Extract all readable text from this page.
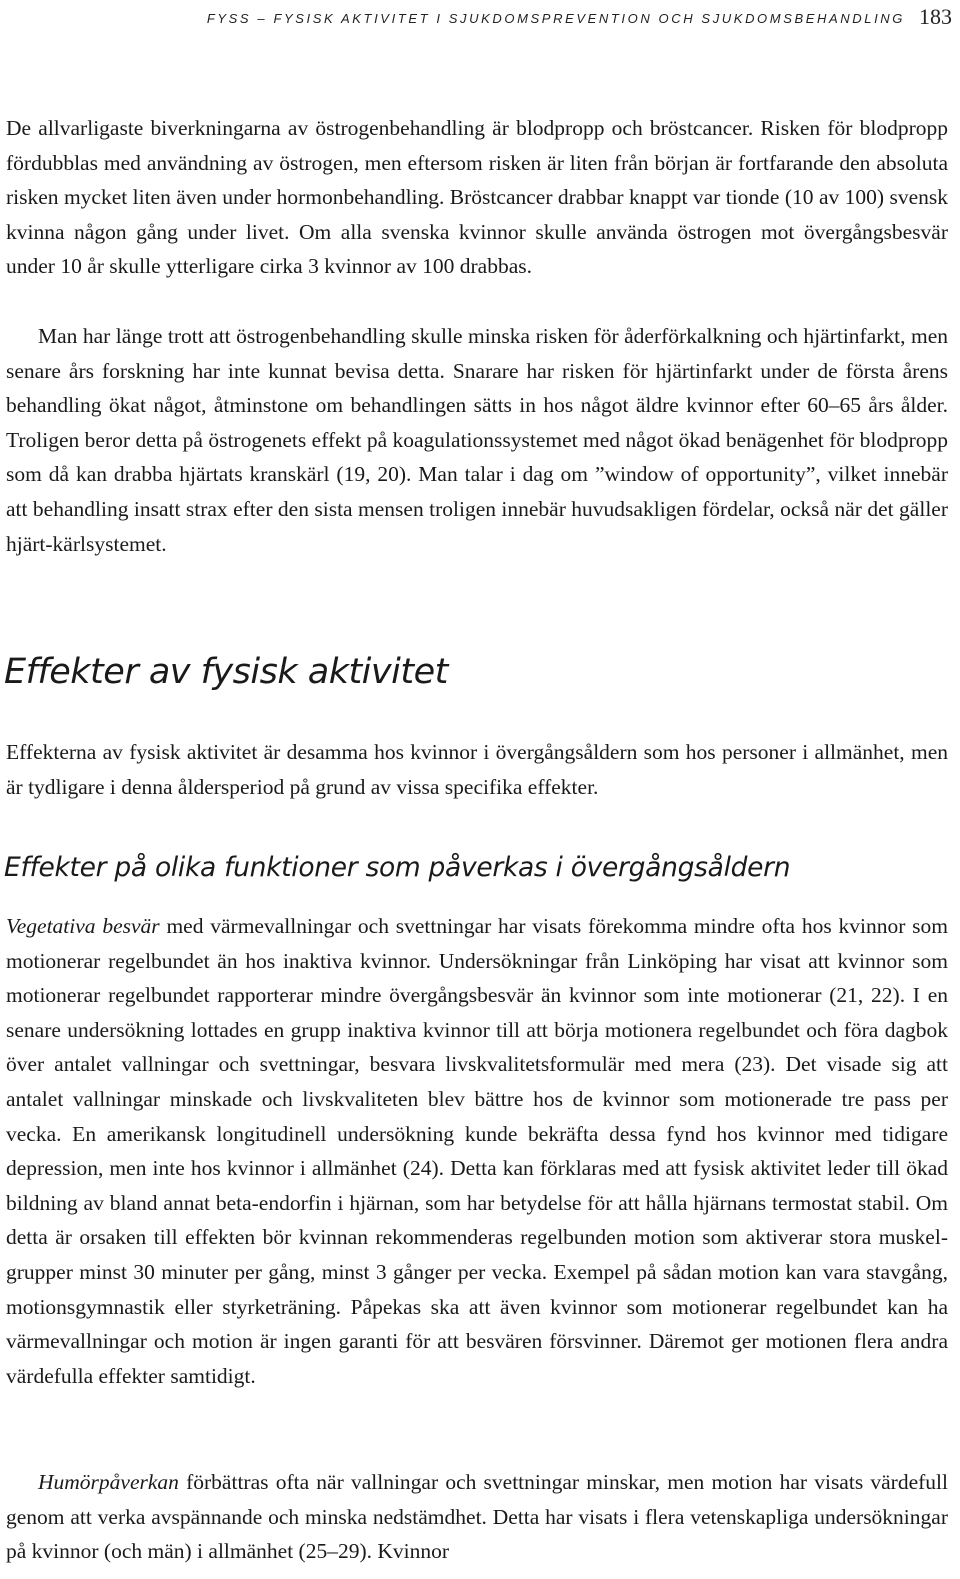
FYSS – FYSISK AKTIVITET I SJUKDOMSPREVENTION OCH SJUKDOMSBEHANDLING 183

De allvarligaste biverkningarna av östrogenbehandling är blodpropp och bröstcancer. Risken för blodpropp fördubblas med användning av östrogen, men eftersom risken är liten från början är fortfarande den absoluta risken mycket liten även under hormonbehandling. Bröstcancer drabbar knappt var tionde (10 av 100) svensk kvinna någon gång under livet. Om alla svenska kvinnor skulle använda östrogen mot övergångsbesvär under 10 år skulle ytterligare cirka 3 kvinnor av 100 drabbas.

Man har länge trott att östrogenbehandling skulle minska risken för åderförkalkning och hjärtinfarkt, men senare års forskning har inte kunnat bevisa detta. Snarare har risken för hjärtinfarkt under de första årens behandling ökat något, åtminstone om behandlingen sätts in hos något äldre kvinnor efter 60–65 års ålder. Troligen beror detta på östrogenets effekt på koagulationssystemet med något ökad benägenhet för blodpropp som då kan drabba hjärtats kranskärl (19, 20). Man talar i dag om ”window of opportunity”, vilket innebär att behandling insatt strax efter den sista mensen troligen innebär huvudsakligen fördelar, också när det gäller hjärt-kärlsystemet.

Effekter av fysisk aktivitet

Effekterna av fysisk aktivitet är desamma hos kvinnor i övergångsåldern som hos personer i allmänhet, men är tydligare i denna åldersperiod på grund av vissa specifika effekter.

Effekter på olika funktioner som påverkas i övergångsåldern

Vegetativa besvär med värmevallningar och svettningar har visats förekomma mindre ofta hos kvinnor som motionerar regelbundet än hos inaktiva kvinnor. Undersökningar från Linköping har visat att kvinnor som motionerar regelbundet rapporterar mindre övergångsbesvär än kvinnor som inte motionerar (21, 22). I en senare undersökning lottades en grupp inaktiva kvinnor till att börja motionera regelbundet och föra dagbok över antalet vallningar och svettningar, besvara livskvalitetsformulär med mera (23). Det visade sig att antalet vallningar minskade och livskvaliteten blev bättre hos de kvinnor som motionerade tre pass per vecka. En amerikansk longitudinell undersökning kunde bekräfta dessa fynd hos kvinnor med tidigare depression, men inte hos kvinnor i allmänhet (24). Detta kan förklaras med att fysisk aktivitet leder till ökad bildning av bland annat beta-endorfin i hjärnan, som har betydelse för att hålla hjärnans termostat stabil. Om detta är orsaken till effekten bör kvinnan rekommenderas regelbunden motion som aktiverar stora muskelgrupper minst 30 minuter per gång, minst 3 gånger per vecka. Exempel på sådan motion kan vara stavgång, motionsgymnastik eller styrketräning. Påpekas ska att även kvinnor som motionerar regelbundet kan ha värmevallningar och motion är ingen garanti för att besvären försvinner. Däremot ger motionen flera andra värdefulla effekter samtidigt.

Humörpåverkan förbättras ofta när vallningar och svettningar minskar, men motion har visats värdefull genom att verka avspännande och minska nedstämdhet. Detta har visats i flera vetenskapliga undersökningar på kvinnor (och män) i allmänhet (25–29). Kvinnor
